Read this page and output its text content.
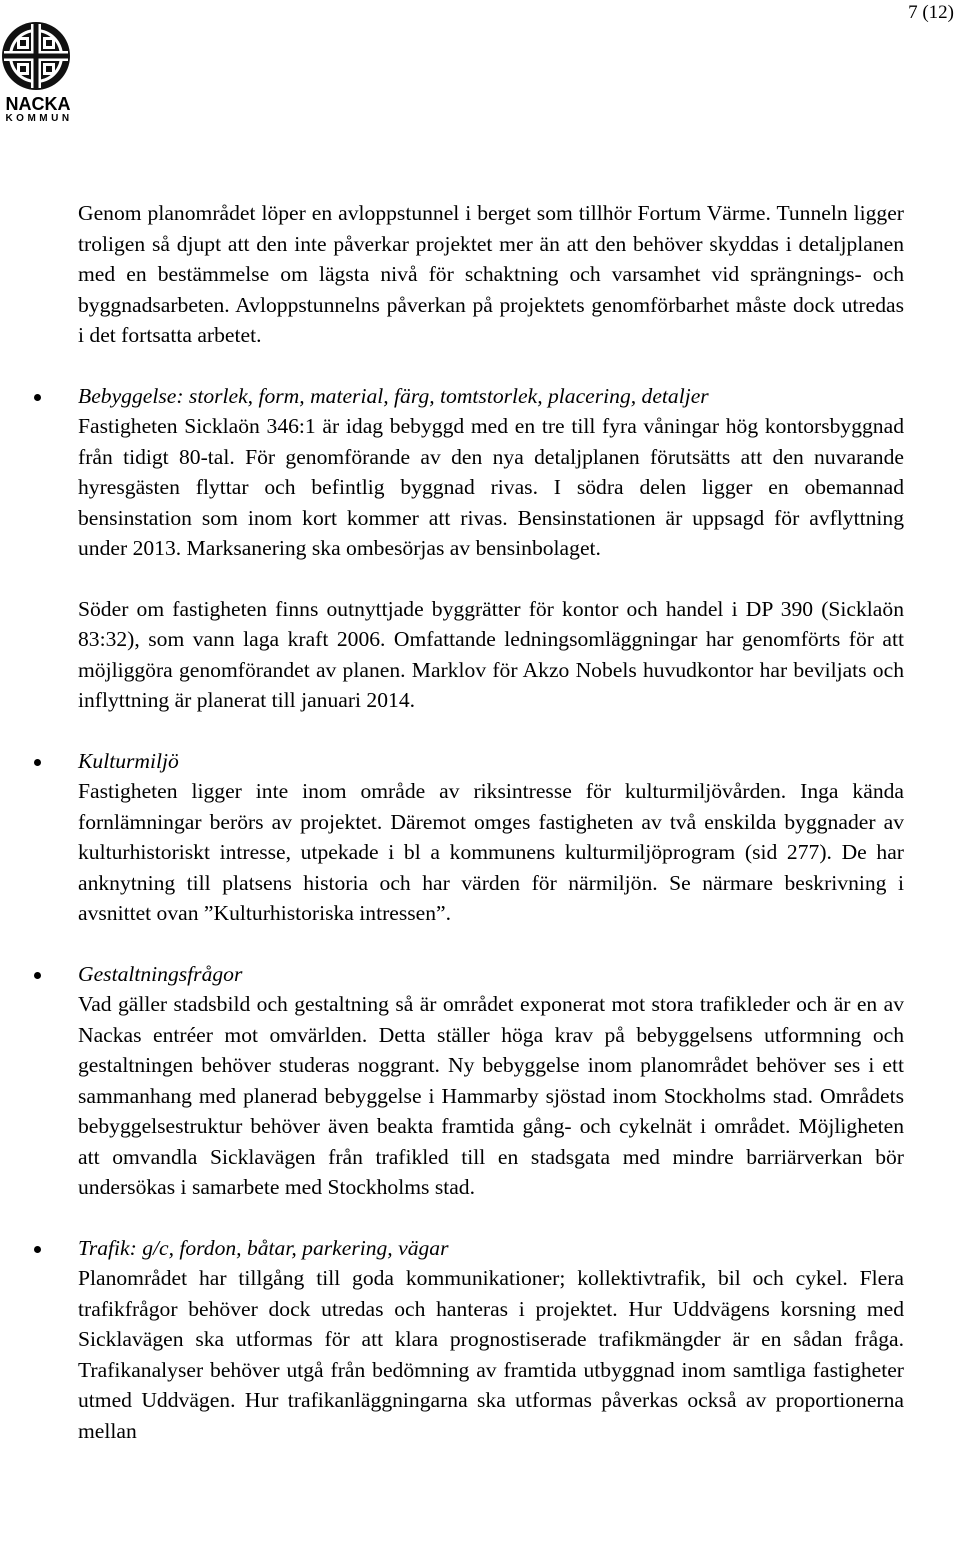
7 (12)
NACKA
KOMMUN

Genom planområdet löper en avloppstunnel i berget som tillhör Fortum Värme. Tunneln ligger troligen så djupt att den inte påverkar projektet mer än att den behöver skyddas i detaljplanen med en bestämmelse om lägsta nivå för schaktning och varsamhet vid sprängnings- och byggnadsarbeten. Avloppstunnelns påverkan på projektets genomförbarhet måste dock utredas i det fortsatta arbetet.

Bebyggelse: storlek, form, material, färg, tomtstorlek, placering, detaljer

Fastigheten Sicklaön 346:1 är idag bebyggd med en tre till fyra våningar hög kontorsbyggnad från tidigt 80-tal. För genomförande av den nya detaljplanen förutsätts att den nuvarande hyresgästen flyttar och befintlig byggnad rivas. I södra delen ligger en obemannad bensinstation som inom kort kommer att rivas. Bensinstationen är uppsagd för avflyttning under 2013. Marksanering ska ombesörjas av bensinbolaget.

Söder om fastigheten finns outnyttjade byggrätter för kontor och handel i DP 390 (Sicklaön 83:32), som vann laga kraft 2006. Omfattande ledningsomläggningar har genomförts för att möjliggöra genomförandet av planen. Marklov för Akzo Nobels huvudkontor har beviljats och inflyttning är planerat till januari 2014.

Kulturmiljö

Fastigheten ligger inte inom område av riksintresse för kulturmiljövården. Inga kända fornlämningar berörs av projektet. Däremot omges fastigheten av två enskilda byggnader av kulturhistoriskt intresse, utpekade i bl a kommunens kulturmiljöprogram (sid 277). De har anknytning till platsens historia och har värden för närmiljön. Se närmare beskrivning i avsnittet ovan ”Kulturhistoriska intressen”.

Gestaltningsfrågor

Vad gäller stadsbild och gestaltning så är området exponerat mot stora trafikleder och är en av Nackas entréer mot omvärlden. Detta ställer höga krav på bebyggelsens utformning och gestaltningen behöver studeras noggrant. Ny bebyggelse inom planområdet behöver ses i ett sammanhang med planerad bebyggelse i Hammarby sjöstad inom Stockholms stad. Områdets bebyggelsestruktur behöver även beakta framtida gång- och cykelnät i området. Möjligheten att omvandla Sicklavägen från trafikled till en stadsgata med mindre barriärverkan bör undersökas i samarbete med Stockholms stad.

Trafik: g/c, fordon, båtar, parkering, vägar

Planområdet har tillgång till goda kommunikationer; kollektivtrafik, bil och cykel. Flera trafikfrågor behöver dock utredas och hanteras i projektet. Hur Uddvägens korsning med Sicklavägen ska utformas för att klara prognostiserade trafikmängder är en sådan fråga. Trafikanalyser behöver utgå från bedömning av framtida utbyggnad inom samtliga fastigheter utmed Uddvägen. Hur trafikanläggningarna ska utformas påverkas också av proportionerna mellan
